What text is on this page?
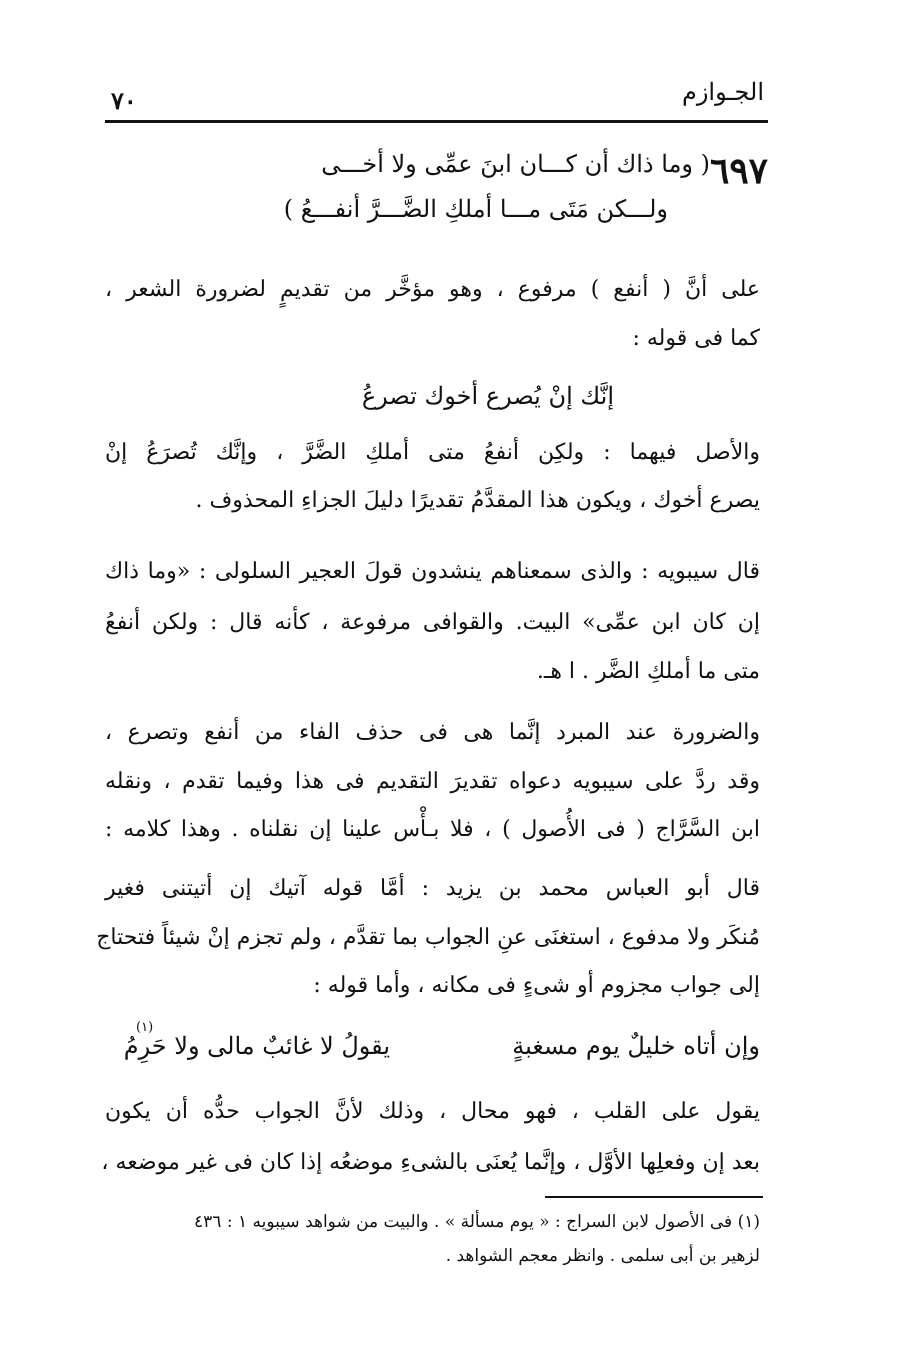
٧٠	الجـوازم
٦٩٧
( وما ذاك أن كـــان ابنَ عمِّى ولا أخـــى
ولـــكن مَتَى مـــا أملكِ الضَّـــرَّ أنفـــعُ )
على أنَّ ( أنفع ) مرفوع ، وهو مؤخَّر من تقديمٍ لضرورة الشعر ،
كما فى قوله :
إنَّك إنْ يُصرع أخوك تصرعُ
والأصل فيهما : ولكِن أنفعُ متى أملكِ الضَّرَّ ، وإنَّك تُصرَعُ إنْ
يصرع أخوك ، ويكون هذا المقدَّمُ تقديرًا دليلَ الجزاءِ المحذوف .
قال سيبويه : والذى سمعناهم ينشدون قولَ العجير السلولى : «وما ذاك
إن كان ابن عمِّى» البيت. والقوافى مرفوعة ، كأنه قال : ولكن أنفعُ
متى ما أملكِ الضَّر . ا هـ.
والضرورة عند المبرد إنَّما هى فى حذف الفاء من أنفع وتصرع ،
وقد ردَّ على سيبويه دعواه تقديرَ التقديم فى هذا وفيما تقدم ، ونقله
ابن السَّرَّاج ( فى الأُصول ) ، فلا بـأْس علينا إن نقلناه . وهذا كلامه :
قال أبو العباس محمد بن يزيد : أمَّا قوله آتيك إن أتيتنى فغير
مُنكَر ولا مدفوع ، استغنَى عنِ الجواب بما تقدَّم ، ولم تجزم إنْ شيئاً فتحتاج
إلى جواب مجزوم أو شىءٍ فى مكانه ، وأما قوله :
وإن أتاه خليلٌ يوم مسغبةٍ
يقولُ لا غائبٌ مالى ولا حَرِمُ
(١)
يقول على القلب ، فهو محال ، وذلك لأنَّ الجواب حدُّه أن يكون
بعد إن وفعلِها الأوَّل ، وإنَّما يُعنَى بالشىءِ موضعُه إذا كان فى غير موضعه ،
(١) فى الأصول لابن السراج : « يوم مسألة » . والبيت من شواهد سيبويه ١ : ٤٣٦
لزهير بن أبى سلمى . وانظر معجم الشواهد .
